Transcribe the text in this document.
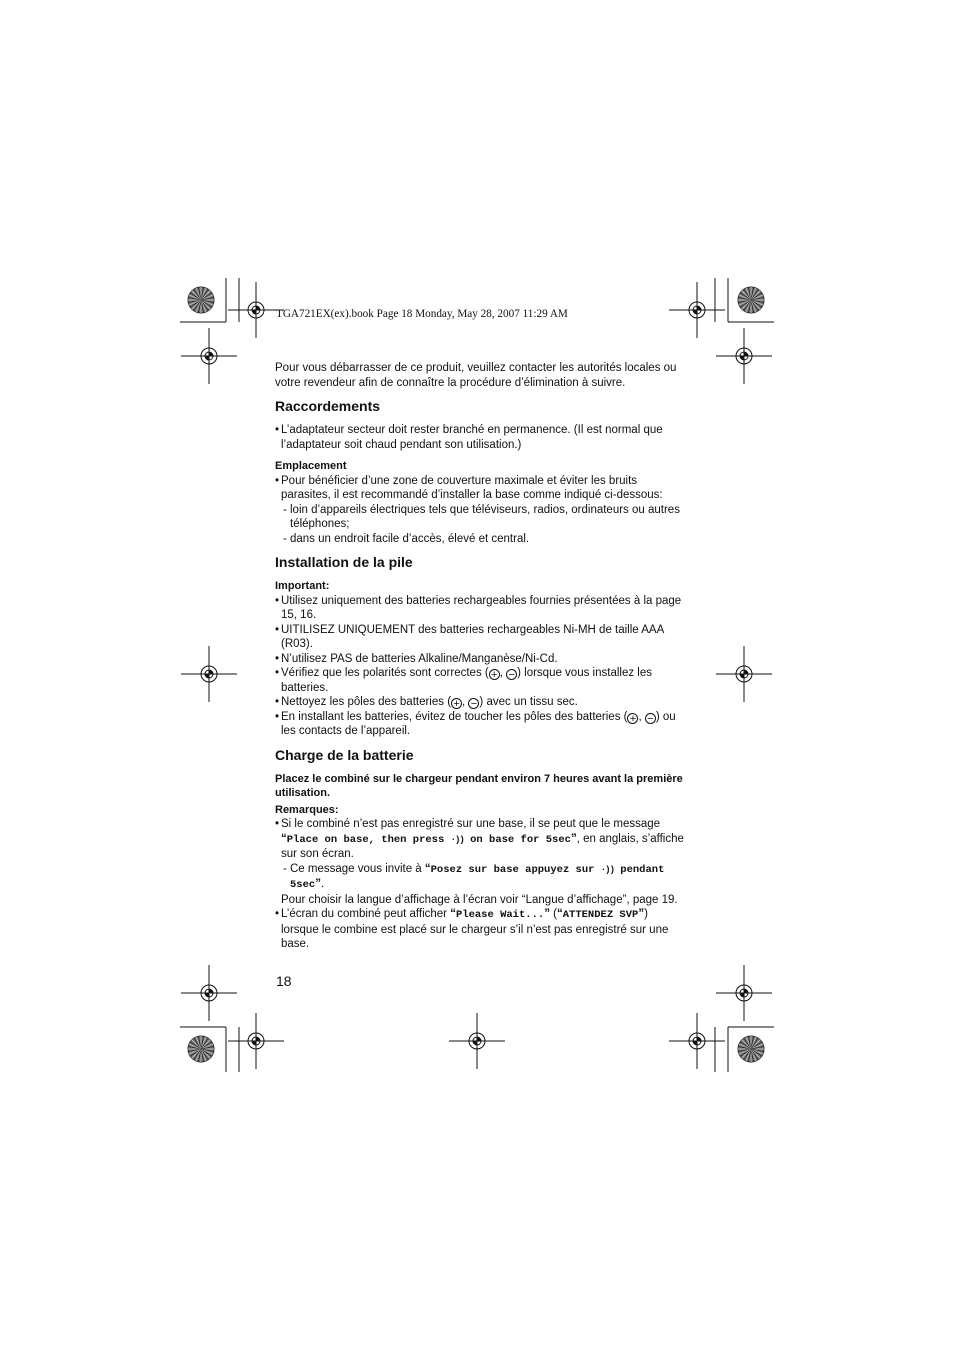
TGA721EX(ex).book Page 18 Monday, May 28, 2007 11:29 AM

Pour vous débarrasser de ce produit, veuillez contacter les autorités locales ou votre revendeur afin de connaître la procédure d’élimination à suivre.

Raccordements

• L’adaptateur secteur doit rester branché en permanence. (Il est normal que l’adaptateur soit chaud pendant son utilisation.)

Emplacement

• Pour bénéficier d’une zone de couverture maximale et éviter les bruits parasites, il est recommandé d’installer la base comme indiqué ci-dessous:

- loin d’appareils électriques tels que téléviseurs, radios, ordinateurs ou autres téléphones;

- dans un endroit facile d’accès, élevé et central.

Installation de la pile

Important:

• Utilisez uniquement des batteries rechargeables fournies présentées à la page 15, 16.

• UITILISEZ UNIQUEMENT des batteries rechargeables Ni-MH de taille AAA (R03).

• N’utilisez PAS de batteries Alkaline/Manganèse/Ni-Cd.

• Vérifiez que les polarités sont correctes ( + , − ) lorsque vous installez les batteries.

• Nettoyez les pôles des batteries ( + , − ) avec un tissu sec.

• En installant les batteries, évitez de toucher les pôles des batteries ( + , − ) ou les contacts de l’appareil.

Charge de la batterie

Placez le combiné sur le chargeur pendant environ 7 heures avant la première utilisation.

Remarques:

• Si le combiné n’est pas enregistré sur une base, il se peut que le message “Place on base, then press ·)) on base for 5sec”, en anglais, s’affiche sur son écran.

- Ce message vous invite à “Posez sur base appuyez sur ·)) pendant 5sec”.

Pour choisir la langue d’affichage à l’écran voir “Langue d’affichage”, page 19.

• L’écran du combiné peut afficher “Please Wait...” (“ATTENDEZ SVP”) lorsque le combine est placé sur le chargeur s’il n’est pas enregistré sur une base.

18
